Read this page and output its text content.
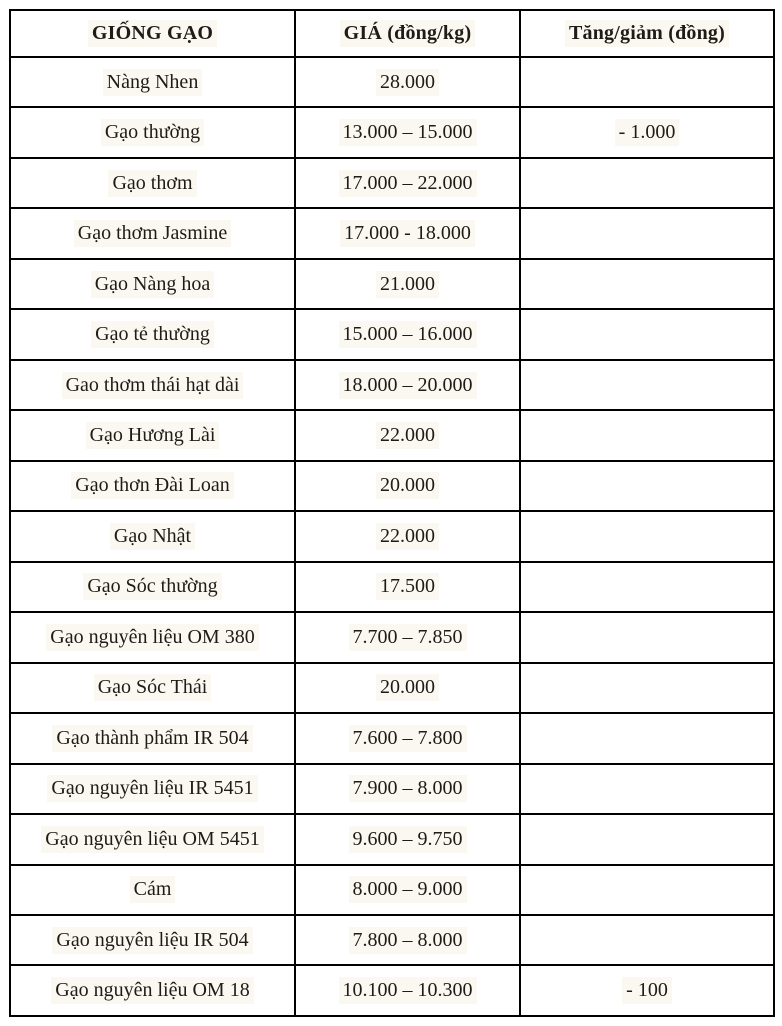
GIỐNG GẠO	GIÁ (đồng/kg)	Tăng/giảm (đồng)
Nàng Nhen	28.000	
Gạo thường	13.000 – 15.000	- 1.000
Gạo thơm	17.000 – 22.000	
Gạo thơm Jasmine	17.000 - 18.000	
Gạo Nàng hoa	21.000	
Gạo tẻ thường	15.000 – 16.000	
Gao thơm thái hạt dài	18.000 – 20.000	
Gạo Hương Lài	22.000	
Gạo thơn Đài Loan	20.000	
Gạo Nhật	22.000	
Gạo Sóc thường	17.500	
Gạo nguyên liệu OM 380	7.700 – 7.850	
Gạo Sóc Thái	20.000	
Gạo thành phẩm IR 504	7.600 – 7.800	
Gạo nguyên liệu IR 5451	7.900 – 8.000	
Gạo nguyên liệu OM 5451	9.600 – 9.750	
Cám	8.000 – 9.000	
Gạo nguyên liệu IR 504	7.800 – 8.000	
Gạo nguyên liệu OM 18	10.100 – 10.300	- 100
